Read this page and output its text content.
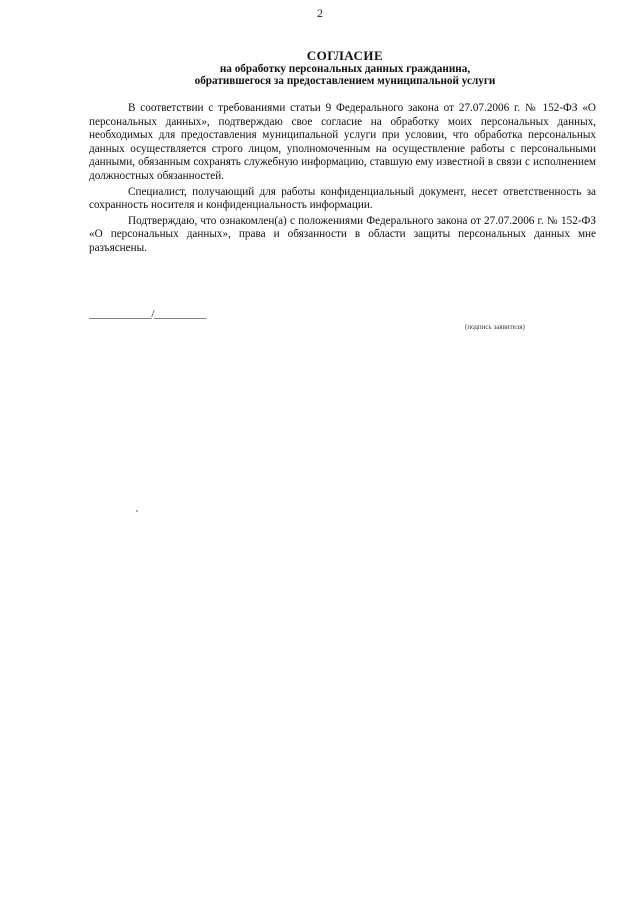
2
СОГЛАСИЕ
на обработку персональных данных гражданина,
обратившегося за предоставлением муниципальной услуги

В соответствии с требованиями статьи 9 Федерального закона от 27.07.2006 г. № 152-ФЗ «О персональных данных», подтверждаю свое согласие на обработку моих персональных данных, необходимых для предоставления муниципальной услуги при условии, что обработка персональных данных осуществляется строго лицом, уполномоченным на осуществление работы с персональными данными, обязанным сохранять служебную информацию, ставшую ему известной в связи с исполнением должностных обязанностей.

Специалист, получающий для работы конфиденциальный документ, несет ответственность за сохранность носителя и конфиденциальность информации.

Подтверждаю, что ознакомлен(а) с положениями Федерального закона от 27.07.2006 г. № 152-ФЗ «О персональных данных», права и обязанности в области защиты персональных данных мне разъяснены.

____________/__________
(подпись заявителя)
